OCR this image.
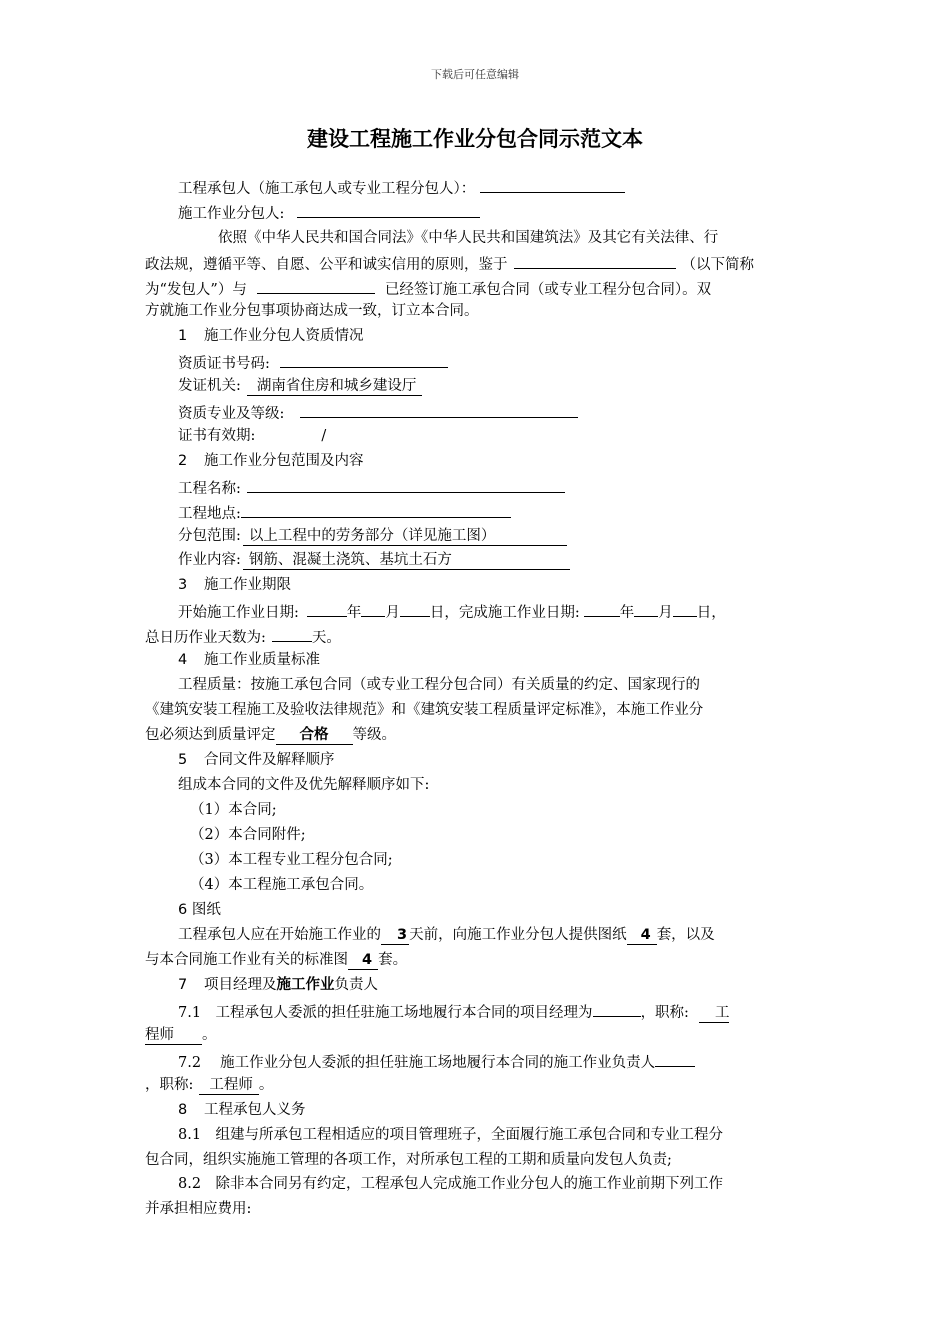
下载后可任意编辑
建设工程施工作业分包合同示范文本
工程承包人（施工承包人或专业工程分包人）：
施工作业分包人:
依照《中华人民共和国合同法》《中华人民共和国建筑法》及其它有关法律、行
政法规，遵循平等、自愿、公平和诚实信用的原则，鉴于	（以下简称
为“发包人”）与	已经签订施工承包合同（或专业工程分包合同）。双
方就施工作业分包事项协商达成一致，订立本合同。
1 施工作业分包人资质情况
资质证书号码:
发证机关: 湖南省住房和城乡建设厅
资质专业及等级:
证书有效期:	/
2 施工作业分包范围及内容
工程名称:
工程地点:
分包范围: 以上工程中的劳务部分（详见施工图）
作业内容: 钢筋、混凝土浇筑、基坑土石方
3 施工作业期限
开始施工作业日期:	年 月 日，完成施工作业日期:	年 月 日，
总日历作业天数为:	天。
4 施工作业质量标准
工程质量：按施工承包合同（或专业工程分包合同）有关质量的约定、国家现行的
《建筑安装工程施工及验收法律规范》和《建筑安装工程质量评定标准》，本施工作业分
包必须达到质量评定 合格 等级。
5 合同文件及解释顺序
组成本合同的文件及优先解释顺序如下:
（1）本合同;
（2）本合同附件;
（3）本工程专业工程分包合同;
（4）本工程施工承包合同。
6 图纸
工程承包人应在开始施工作业的 3 天前，向施工作业分包人提供图纸 4 套，以及
与本合同施工作业有关的标准图 4 套。
7 项目经理及施工作业负责人
7.1　工程承包人委派的担任驻施工场地履行本合同的项目经理为	，职称: 工
程师 。
7.2　 施工作业分包人委派的担任驻施工场地履行本合同的施工作业负责人
，职称: 工程师 。
8 工程承包人义务
8.1　组建与所承包工程相适应的项目管理班子，全面履行施工承包合同和专业工程分
包合同，组织实施施工管理的各项工作，对所承包工程的工期和质量向发包人负责;
8.2　除非本合同另有约定，工程承包人完成施工作业分包人的施工作业前期下列工作
并承担相应费用:
